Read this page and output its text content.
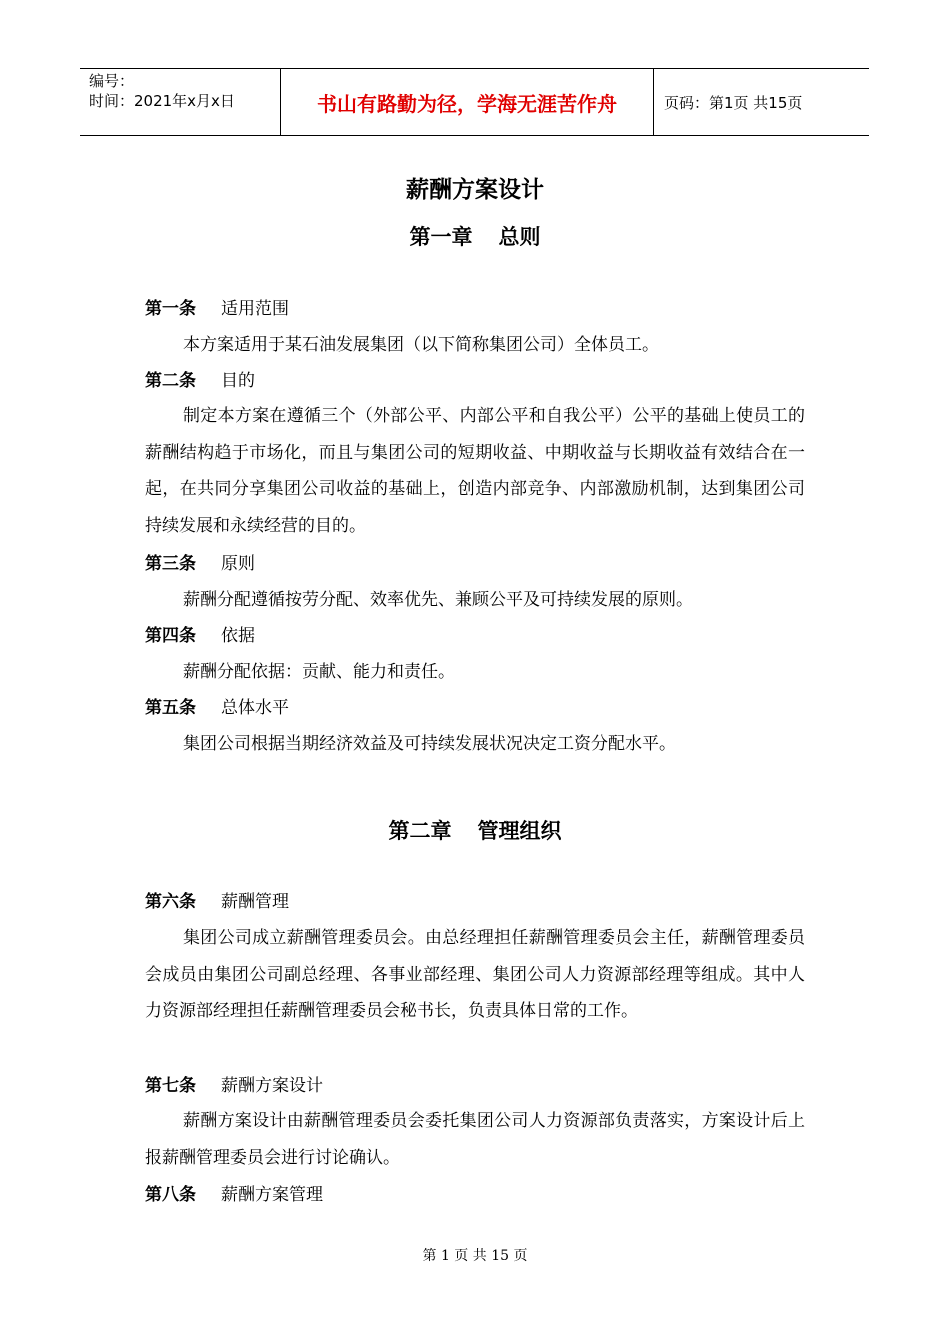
编号：
时间：2021年x月x日	书山有路勤为径，学海无涯苦作舟	页码：第1页 共15页
薪酬方案设计
第一章 总则
第一条 适用范围
本方案适用于某石油发展集团（以下简称集团公司）全体员工。
第二条 目的
制定本方案在遵循三个（外部公平、内部公平和自我公平）公平的基础上使员工的薪酬结构趋于市场化，而且与集团公司的短期收益、中期收益与长期收益有效结合在一起，在共同分享集团公司收益的基础上，创造内部竞争、内部激励机制，达到集团公司持续发展和永续经营的目的。
第三条 原则
薪酬分配遵循按劳分配、效率优先、兼顾公平及可持续发展的原则。
第四条 依据
薪酬分配依据：贡献、能力和责任。
第五条 总体水平
集团公司根据当期经济效益及可持续发展状况决定工资分配水平。
第二章 管理组织
第六条 薪酬管理
集团公司成立薪酬管理委员会。由总经理担任薪酬管理委员会主任，薪酬管理委员会成员由集团公司副总经理、各事业部经理、集团公司人力资源部经理等组成。其中人力资源部经理担任薪酬管理委员会秘书长，负责具体日常的工作。
第七条 薪酬方案设计
薪酬方案设计由薪酬管理委员会委托集团公司人力资源部负责落实，方案设计后上报薪酬管理委员会进行讨论确认。
第八条 薪酬方案管理
第 1 页 共 15 页
